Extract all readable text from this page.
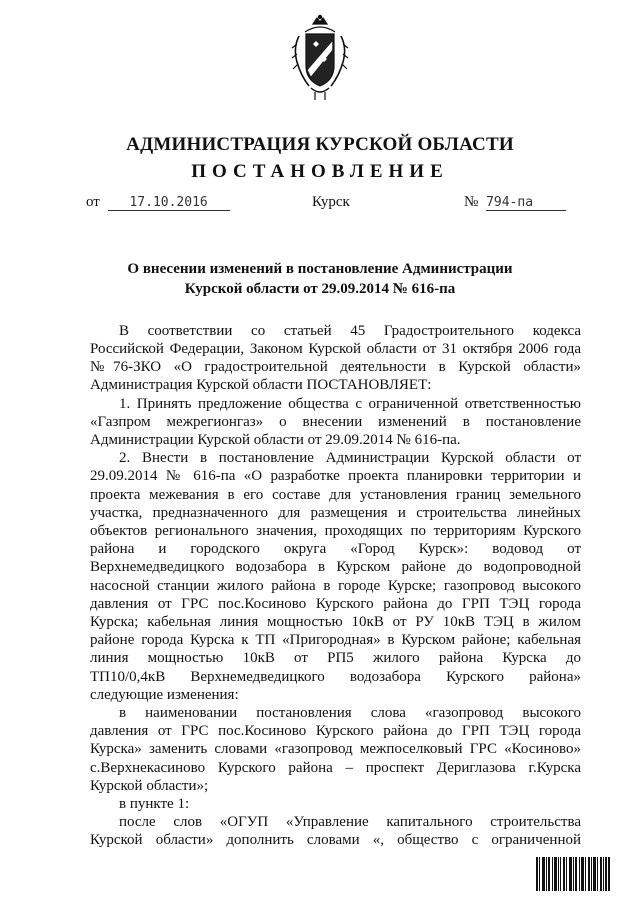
АДМИНИСТРАЦИЯ КУРСКОЙ ОБЛАСТИ
ПОСТАНОВЛЕНИЕ
от 17.10.2016	Курск	№ 794-па
О внесении изменений в постановление Администрации
Курской области от 29.09.2014 № 616-па
В соответствии со статьей 45 Градостроительного кодекса
Российской Федерации, Законом Курской области от 31 октября 2006 года
№76-ЗКО «О градостроительной деятельности в Курской области»
Администрация Курской области ПОСТАНОВЛЯЕТ:
1. Принять предложение общества с ограниченной ответственностью
«Газпром межрегионгаз» о внесении изменений в постановление
Администрации Курской области от 29.09.2014 № 616-па.
2. Внести в постановление Администрации Курской области от
29.09.2014 № 616-па «О разработке проекта планировки территории и
проекта межевания в его составе для установления границ земельного
участка, предназначенного для размещения и строительства линейных
объектов регионального значения, проходящих по территориям Курского
района и городского округа «Город Курск»: водовод от
Верхнемедведицкого водозабора в Курском районе до водопроводной
насосной станции жилого района в городе Курске; газопровод высокого
давления от ГРС пос.Косиново Курского района до ГРП ТЭЦ города
Курска; кабельная линия мощностью 10кВ от РУ 10кВ ТЭЦ в жилом
районе города Курска к ТП «Пригородная» в Курском районе; кабельная
линия мощностью 10кВ от РП5 жилого района Курска до
ТП10/0,4кВ Верхнемедведицкого водозабора Курского района»
следующие изменения:
в наименовании постановления слова «газопровод высокого
давления от ГРС пос.Косиново Курского района до ГРП ТЭЦ города
Курска» заменить словами «газопровод межпоселковый ГРС «Косиново»
с.Верхнекасиново Курского района – проспект Дериглазова г.Курска
Курской области»;
в пункте 1:
после слов «ОГУП «Управление капитального строительства
Курской области» дополнить словами «, общество с ограниченной
